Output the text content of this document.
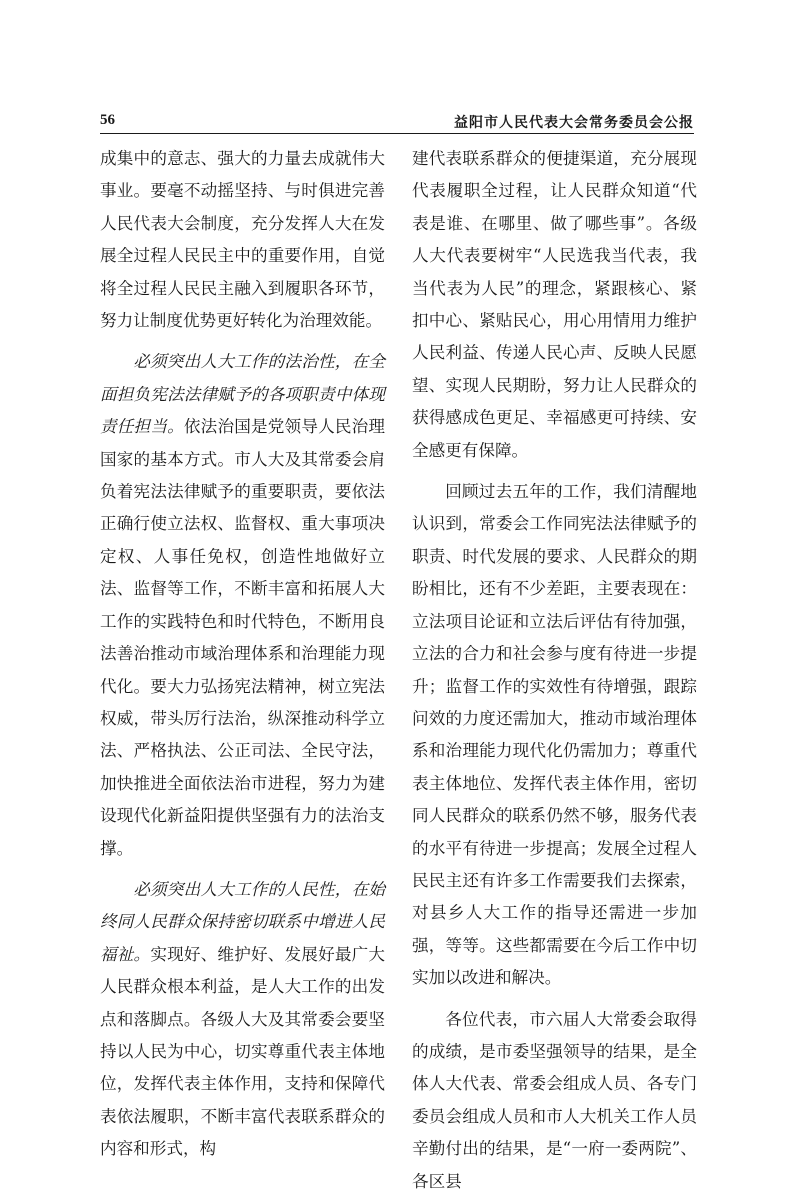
56	益阳市人民代表大会常务委员会公报

成集中的意志、强大的力量去成就伟大事业。要毫不动摇坚持、与时俱进完善人民代表大会制度，充分发挥人大在发展全过程人民民主中的重要作用，自觉将全过程人民民主融入到履职各环节，努力让制度优势更好转化为治理效能。

必须突出人大工作的法治性，在全面担负宪法法律赋予的各项职责中体现责任担当。依法治国是党领导人民治理国家的基本方式。市人大及其常委会肩负着宪法法律赋予的重要职责，要依法正确行使立法权、监督权、重大事项决定权、人事任免权，创造性地做好立法、监督等工作，不断丰富和拓展人大工作的实践特色和时代特色，不断用良法善治推动市域治理体系和治理能力现代化。要大力弘扬宪法精神，树立宪法权威，带头厉行法治，纵深推动科学立法、严格执法、公正司法、全民守法，加快推进全面依法治市进程，努力为建设现代化新益阳提供坚强有力的法治支撑。

必须突出人大工作的人民性，在始终同人民群众保持密切联系中增进人民福祉。实现好、维护好、发展好最广大人民群众根本利益，是人大工作的出发点和落脚点。各级人大及其常委会要坚持以人民为中心，切实尊重代表主体地位，发挥代表主体作用，支持和保障代表依法履职，不断丰富代表联系群众的内容和形式，构

建代表联系群众的便捷渠道，充分展现代表履职全过程，让人民群众知道“代表是谁、在哪里、做了哪些事”。各级人大代表要树牢“人民选我当代表，我当代表为人民”的理念，紧跟核心、紧扣中心、紧贴民心，用心用情用力维护人民利益、传递人民心声、反映人民愿望、实现人民期盼，努力让人民群众的获得感成色更足、幸福感更可持续、安全感更有保障。

回顾过去五年的工作，我们清醒地认识到，常委会工作同宪法法律赋予的职责、时代发展的要求、人民群众的期盼相比，还有不少差距，主要表现在：立法项目论证和立法后评估有待加强，立法的合力和社会参与度有待进一步提升；监督工作的实效性有待增强，跟踪问效的力度还需加大，推动市域治理体系和治理能力现代化仍需加力；尊重代表主体地位、发挥代表主体作用，密切同人民群众的联系仍然不够，服务代表的水平有待进一步提高；发展全过程人民民主还有许多工作需要我们去探索，对县乡人大工作的指导还需进一步加强，等等。这些都需要在今后工作中切实加以改进和解决。

各位代表，市六届人大常委会取得的成绩，是市委坚强领导的结果，是全体人大代表、常委会组成人员、各专门委员会组成人员和市人大机关工作人员辛勤付出的结果，是“一府一委两院”、各区县
